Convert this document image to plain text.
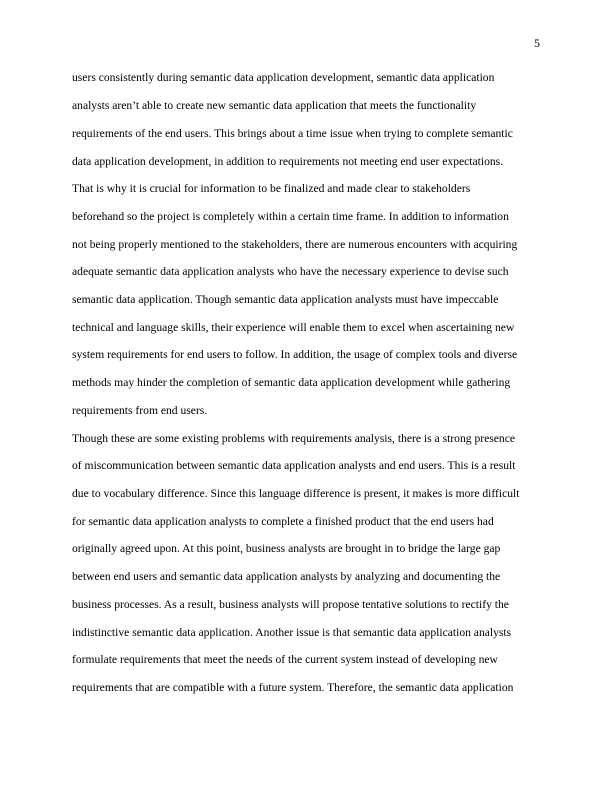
5
users consistently during semantic data application development, semantic data application
analysts aren’t able to create new semantic data application that meets the functionality
requirements of the end users. This brings about a time issue when trying to complete semantic
data application development, in addition to requirements not meeting end user expectations.
That is why it is crucial for information to be finalized and made clear to stakeholders
beforehand so the project is completely within a certain time frame. In addition to information
not being properly mentioned to the stakeholders, there are numerous encounters with acquiring
adequate semantic data application analysts who have the necessary experience to devise such
semantic data application. Though semantic data application analysts must have impeccable
technical and language skills, their experience will enable them to excel when ascertaining new
system requirements for end users to follow. In addition, the usage of complex tools and diverse
methods may hinder the completion of semantic data application development while gathering
requirements from end users.
Though these are some existing problems with requirements analysis, there is a strong presence
of miscommunication between semantic data application analysts and end users. This is a result
due to vocabulary difference. Since this language difference is present, it makes is more difficult
for semantic data application analysts to complete a finished product that the end users had
originally agreed upon. At this point, business analysts are brought in to bridge the large gap
between end users and semantic data application analysts by analyzing and documenting the
business processes. As a result, business analysts will propose tentative solutions to rectify the
indistinctive semantic data application. Another issue is that semantic data application analysts
formulate requirements that meet the needs of the current system instead of developing new
requirements that are compatible with a future system. Therefore, the semantic data application
